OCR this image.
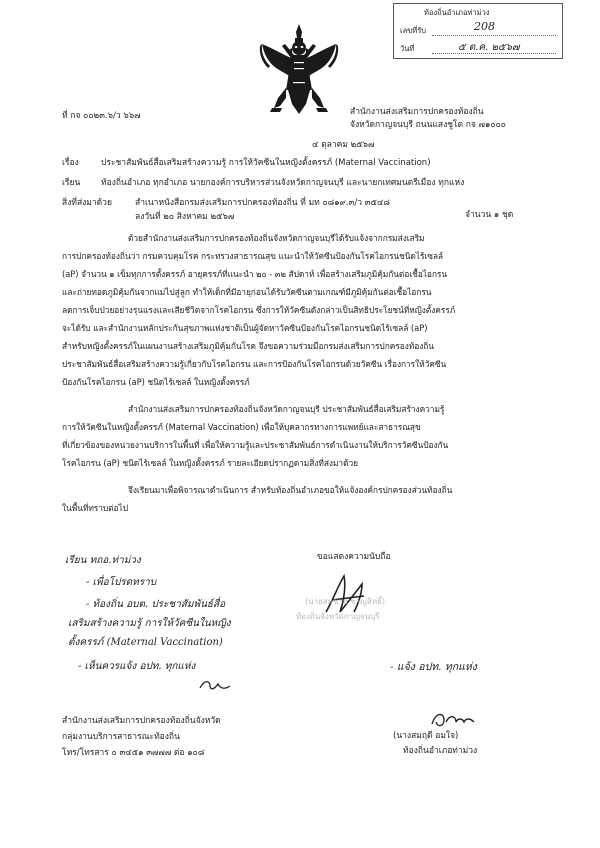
ท้องถิ่นอำเภอท่าม่วง
เลขที่รับ	208
วันที่	๕ ต.ค. ๒๕๖๗
ที่ กจ ๐๐๒๓.๖/ว ๖๖๗	สำนักงานส่งเสริมการปกครองท้องถิ่น
จังหวัดกาญจนบุรี ถนนแสงชูโต กจ ๗๑๐๐๐
๔ ตุลาคม ๒๕๖๗
เรื่อง	ประชาสัมพันธ์สื่อเสริมสร้างความรู้ การให้วัคซีนในหญิงตั้งครรภ์ (Maternal Vaccination)
เรียน ท้องถิ่นอำเภอ ทุกอำเภอ นายกองค์การบริหารส่วนจังหวัดกาญจนบุรี และนายกเทศมนตรีเมือง ทุกแห่ง
สิ่งที่ส่งมาด้วย	สำเนาหนังสือกรมส่งเสริมการปกครองท้องถิ่น ที่ มท ๐๘๑๙.๓/ว ๓๕๔๘
ลงวันที่ ๒๐ สิงหาคม ๒๕๖๗	จำนวน ๑ ชุด
ด้วยสำนักงานส่งเสริมการปกครองท้องถิ่นจังหวัดกาญจนบุรีได้รับแจ้งจากกรมส่งเสริม
การปกครองท้องถิ่นว่า กรมควบคุมโรค กระทรวงสาธารณสุข แนะนำให้วัคซีนป้องกันโรคไอกรนชนิดไร้เซลล์
(aP) จำนวน ๑ เข็มทุกการตั้งครรภ์ อายุครรภ์ที่แนะนำ ๒๐ - ๓๒ สัปดาห์ เพื่อสร้างเสริมภูมิคุ้มกันต่อเชื้อไอกรน
และถ่ายทอดภูมิคุ้มกันจากแม่ไปสู่ลูก ทำให้เด็กที่มีอายุก่อนได้รับวัคซีนตามเกณฑ์มีภูมิคุ้มกันต่อเชื้อไอกรน
ลดการเจ็บป่วยอย่างรุนแรงและเสียชีวิตจากโรคไอกรน ซึ่งการให้วัคซีนดังกล่าวเป็นสิทธิประโยชน์ที่หญิงตั้งครรภ์
จะได้รับ และสำนักงานหลักประกันสุขภาพแห่งชาติเป็นผู้จัดหาวัคซีนป้องกันโรคไอกรนชนิดไร้เซลล์ (aP)
สำหรับหญิงตั้งครรภ์ในแผนงานสร้างเสริมภูมิคุ้มกันโรค จึงขอความร่วมมือกรมส่งเสริมการปกครองท้องถิ่น
ประชาสัมพันธ์สื่อเสริมสร้างความรู้เกี่ยวกับโรคไอกรน และการป้องกันโรคไอกรนด้วยวัคซีน เรื่องการให้วัคซีน
ป้องกันโรคไอกรน (aP) ชนิดไร้เซลล์ ในหญิงตั้งครรภ์
สำนักงานส่งเสริมการปกครองท้องถิ่นจังหวัดกาญจนบุรี ประชาสัมพันธ์สื่อเสริมสร้างความรู้
การให้วัคซีนในหญิงตั้งครรภ์ (Maternal Vaccination) เพื่อให้บุคลากรทางการแพทย์และสาธารณสุข
ที่เกี่ยวข้องของหน่วยงานบริการในพื้นที่ เพื่อให้ความรู้และประชาสัมพันธ์การดำเนินงานให้บริการวัคซีนป้องกัน
โรคไอกรน (aP) ชนิดไร้เซลล์ ในหญิงตั้งครรภ์ รายละเอียดปรากฏตามสิ่งที่ส่งมาด้วย
จึงเรียนมาเพื่อพิจารณาดำเนินการ สำหรับท้องถิ่นอำเภอขอให้แจ้งองค์กรปกครองส่วนท้องถิ่น
ในพื้นที่ทราบต่อไป
ขอแสดงความนับถือ
(นายสมชาย ชาญสิทธิ์)
ท้องถิ่นจังหวัดกาญจนบุรี
เรียน ทถอ.ท่าม่วง
- เพื่อโปรดทราบ
- ท้องถิ่น อบต. ประชาสัมพันธ์สื่อ
เสริมสร้างความรู้ การให้วัคซีนในหญิง
ตั้งครรภ์ (Maternal Vaccination)
- เห็นควรแจ้ง อปท. ทุกแห่ง	- แจ้ง อปท. ทุกแห่ง
(นางสมฤดี อมใจ)
ท้องถิ่นอำเภอท่าม่วง
สำนักงานส่งเสริมการปกครองท้องถิ่นจังหวัด
กลุ่มงานบริการสาธารณะท้องถิ่น
โทร/โทรสาร ๐ ๓๔๕๑ ๓๗๗๗ ต่อ ๑๐๘
